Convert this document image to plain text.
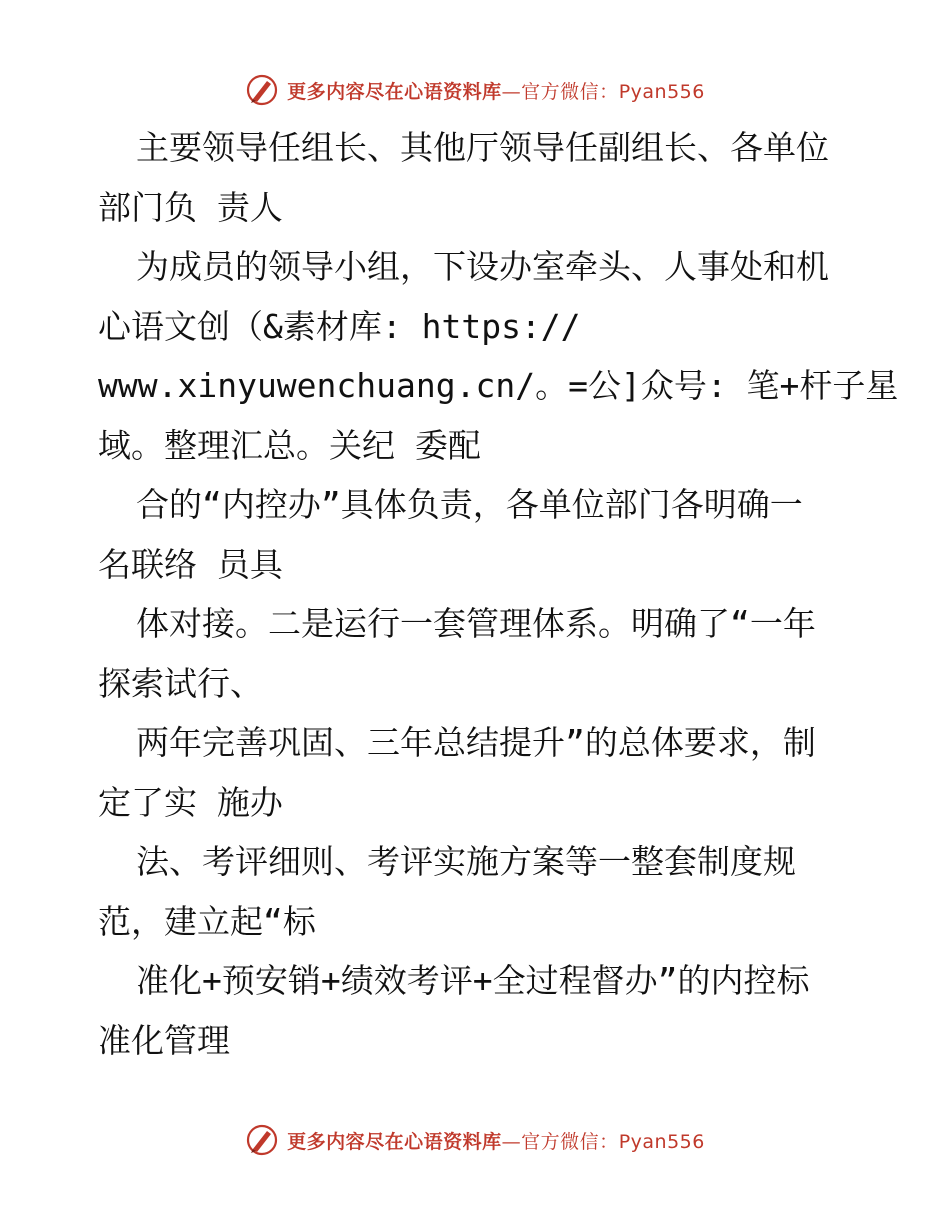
更多内容尽在心语资料库—官方微信：Pyan556
主要领导任组长、其他厅领导任副组长、各单位
部门负 责人
为成员的领导小组，下设办室牵头、人事处和机
心语文创（&素材库: https://
www.xinyuwenchuang.cn/。=公]众号: 笔+杆子星
域。整理汇总。关纪 委配
合的“内控办”具体负责，各单位部门各明确一
名联络 员具
体对接。二是运行一套管理体系。明确了“一年
探索试行、
两年完善巩固、三年总结提升”的总体要求，制
定了实 施办
法、考评细则、考评实施方案等一整套制度规
范，建立起“标
准化+预安销+绩效考评+全过程督办”的内控标
准化管理
更多内容尽在心语资料库—官方微信：Pyan556
